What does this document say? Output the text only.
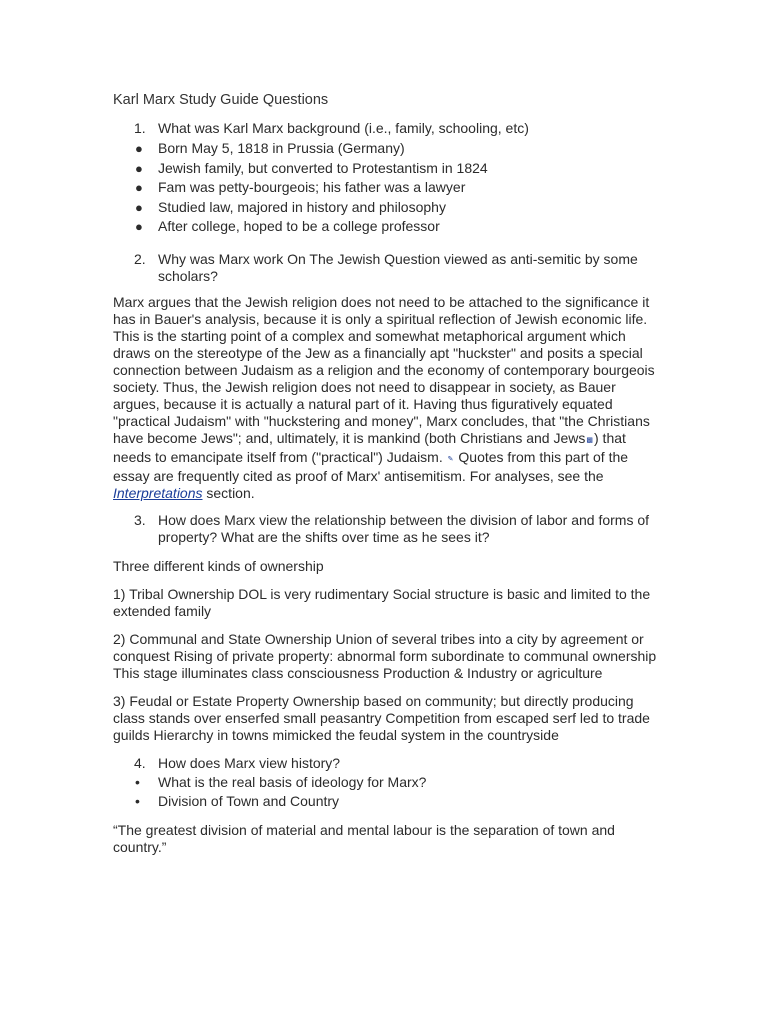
Karl Marx Study Guide Questions
1. What was Karl Marx background (i.e., family, schooling, etc)
● Born May 5, 1818 in Prussia (Germany)
● Jewish family, but converted to Protestantism in 1824
● Fam was petty-bourgeois; his father was a lawyer
● Studied law, majored in history and philosophy
● After college, hoped to be a college professor
2. Why was Marx work On The Jewish Question viewed as anti-semitic by some scholars?

Marx argues that the Jewish religion does not need to be attached to the significance it has in Bauer's analysis, because it is only a spiritual reflection of Jewish economic life. This is the starting point of a complex and somewhat metaphorical argument which draws on the stereotype of the Jew as a financially apt "huckster" and posits a special connection between Judaism as a religion and the economy of contemporary bourgeois society. Thus, the Jewish religion does not need to disappear in society, as Bauer argues, because it is actually a natural part of it. Having thus figuratively equated "practical Judaism" with "huckstering and money", Marx concludes, that "the Christians have become Jews"; and, ultimately, it is mankind (both Christians and Jews▩) that needs to emancipate itself from ("practical") Judaism. ✎ Quotes from this part of the essay are frequently cited as proof of Marx' antisemitism. For analyses, see the Interpretations section.

3. How does Marx view the relationship between the division of labor and forms of property? What are the shifts over time as he sees it?

Three different kinds of ownership

1) Tribal Ownership DOL is very rudimentary Social structure is basic and limited to the extended family

2) Communal and State Ownership Union of several tribes into a city by agreement or conquest Rising of private property: abnormal form subordinate to communal ownership This stage illuminates class consciousness Production & Industry or agriculture

3) Feudal or Estate Property Ownership based on community; but directly producing class stands over enserfed small peasantry Competition from escaped serf led to trade guilds Hierarchy in towns mimicked the feudal system in the countryside

4. How does Marx view history?
• What is the real basis of ideology for Marx?
• Division of Town and Country

“The greatest division of material and mental labour is the separation of town and country.”
